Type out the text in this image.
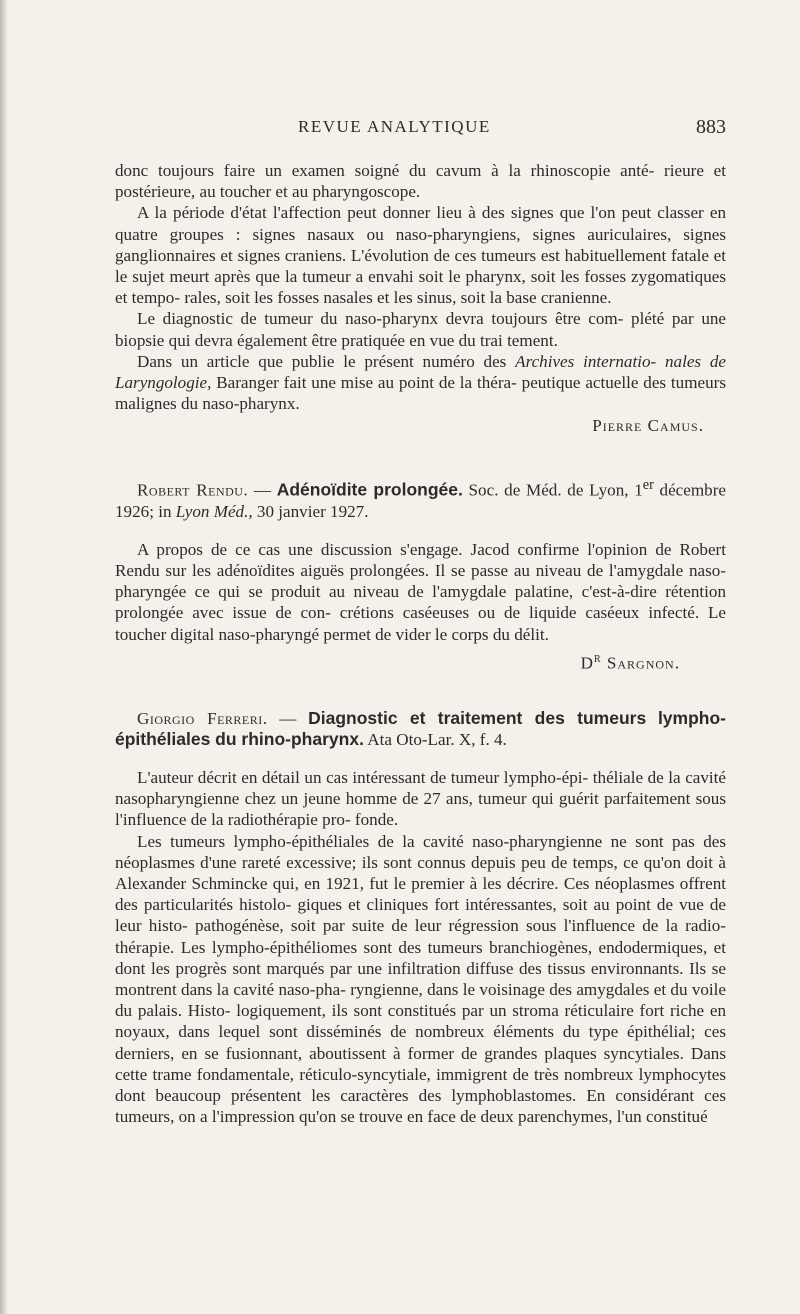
REVUE ANALYTIQUE	883

donc toujours faire un examen soigné du cavum à la rhinoscopie anté- rieure et postérieure, au toucher et au pharyngoscope.

A la période d'état l'affection peut donner lieu à des signes que l'on peut classer en quatre groupes : signes nasaux ou naso-pharyngiens, signes auriculaires, signes ganglionnaires et signes craniens. L'évolution de ces tumeurs est habituellement fatale et le sujet meurt après que la tumeur a envahi soit le pharynx, soit les fosses zygomatiques et tempo- rales, soit les fosses nasales et les sinus, soit la base cranienne.

Le diagnostic de tumeur du naso-pharynx devra toujours être com- plété par une biopsie qui devra également être pratiquée en vue du trai tement.

Dans un article que publie le présent numéro des Archives internatio- nales de Laryngologie, Baranger fait une mise au point de la théra- peutique actuelle des tumeurs malignes du naso-pharynx.

Pierre Camus.

Robert Rendu. — Adénoïdite prolongée. Soc. de Méd. de Lyon, 1er décembre 1926; in Lyon Méd., 30 janvier 1927.

A propos de ce cas une discussion s'engage. Jacod confirme l'opinion de Robert Rendu sur les adénoïdites aiguës prolongées. Il se passe au niveau de l'amygdale naso-pharyngée ce qui se produit au niveau de l'amygdale palatine, c'est-à-dire rétention prolongée avec issue de con- crétions caséeuses ou de liquide caséeux infecté. Le toucher digital naso-pharyngé permet de vider le corps du délit.

$D^r$ Sargnon.

Giorgio Ferreri. — Diagnostic et traitement des tumeurs lympho-épithéliales du rhino-pharynx. Ata Oto-Lar. X, f. 4.

L'auteur décrit en détail un cas intéressant de tumeur lympho-épi- théliale de la cavité nasopharyngienne chez un jeune homme de 27 ans, tumeur qui guérit parfaitement sous l'influence de la radiothérapie pro- fonde.

Les tumeurs lympho-épithéliales de la cavité naso-pharyngienne ne sont pas des néoplasmes d'une rareté excessive; ils sont connus depuis peu de temps, ce qu'on doit à Alexander Schmincke qui, en 1921, fut le premier à les décrire. Ces néoplasmes offrent des particularités histolo- giques et cliniques fort intéressantes, soit au point de vue de leur histo- pathogénèse, soit par suite de leur régression sous l'influence de la radio- thérapie. Les lympho-épithéliomes sont des tumeurs branchiogènes, endodermiques, et dont les progrès sont marqués par une infiltration diffuse des tissus environnants. Ils se montrent dans la cavité naso-pha- ryngienne, dans le voisinage des amygdales et du voile du palais. Histo- logiquement, ils sont constitués par un stroma réticulaire fort riche en noyaux, dans lequel sont disséminés de nombreux éléments du type épithélial; ces derniers, en se fusionnant, aboutissent à former de grandes plaques syncytiales. Dans cette trame fondamentale, réticulo-syncytiale, immigrent de très nombreux lymphocytes dont beaucoup présentent les caractères des lymphoblastomes. En considérant ces tumeurs, on a l'impression qu'on se trouve en face de deux parenchymes, l'un constitué
